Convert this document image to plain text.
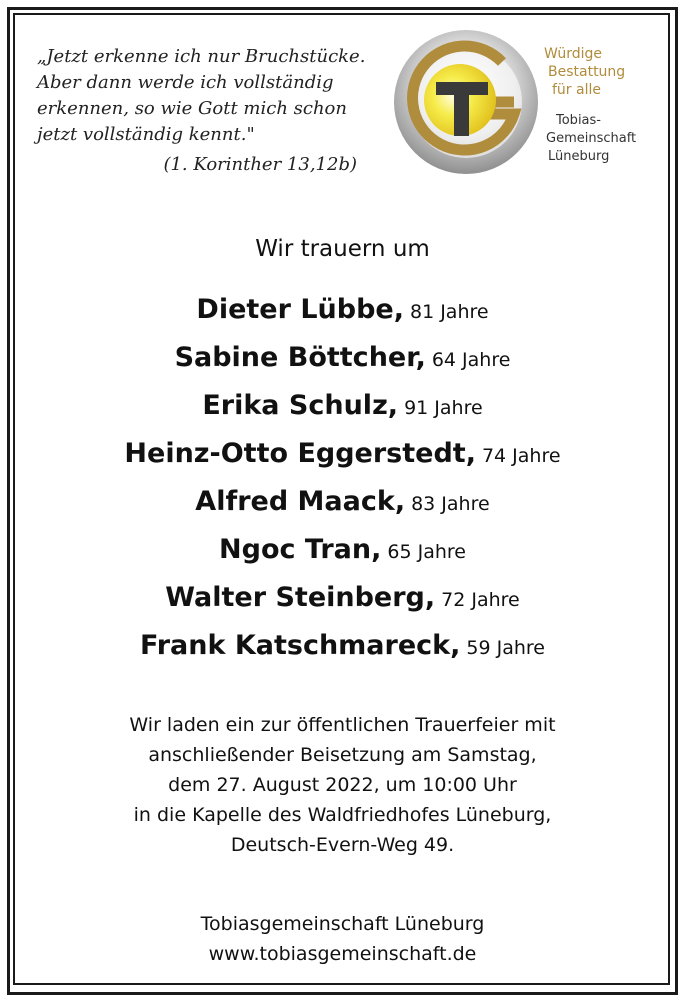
„Jetzt erkenne ich nur Bruchstücke.
Aber dann werde ich vollständig
erkennen, so wie Gott mich schon
jetzt vollständig kennt."
(1. Korinther 13,12b)
Würdige
Bestattung
für alle
Tobias-
Gemeinschaft
Lüneburg
Wir trauern um
Dieter Lübbe, 81 Jahre
Sabine Böttcher, 64 Jahre
Erika Schulz, 91 Jahre
Heinz-Otto Eggerstedt, 74 Jahre
Alfred Maack, 83 Jahre
Ngoc Tran, 65 Jahre
Walter Steinberg, 72 Jahre
Frank Katschmareck, 59 Jahre
Wir laden ein zur öffentlichen Trauerfeier mit
anschließender Beisetzung am Samstag,
dem 27. August 2022, um 10:00 Uhr
in die Kapelle des Waldfriedhofes Lüneburg,
Deutsch-Evern-Weg 49.
Tobiasgemeinschaft Lüneburg
www.tobiasgemeinschaft.de
